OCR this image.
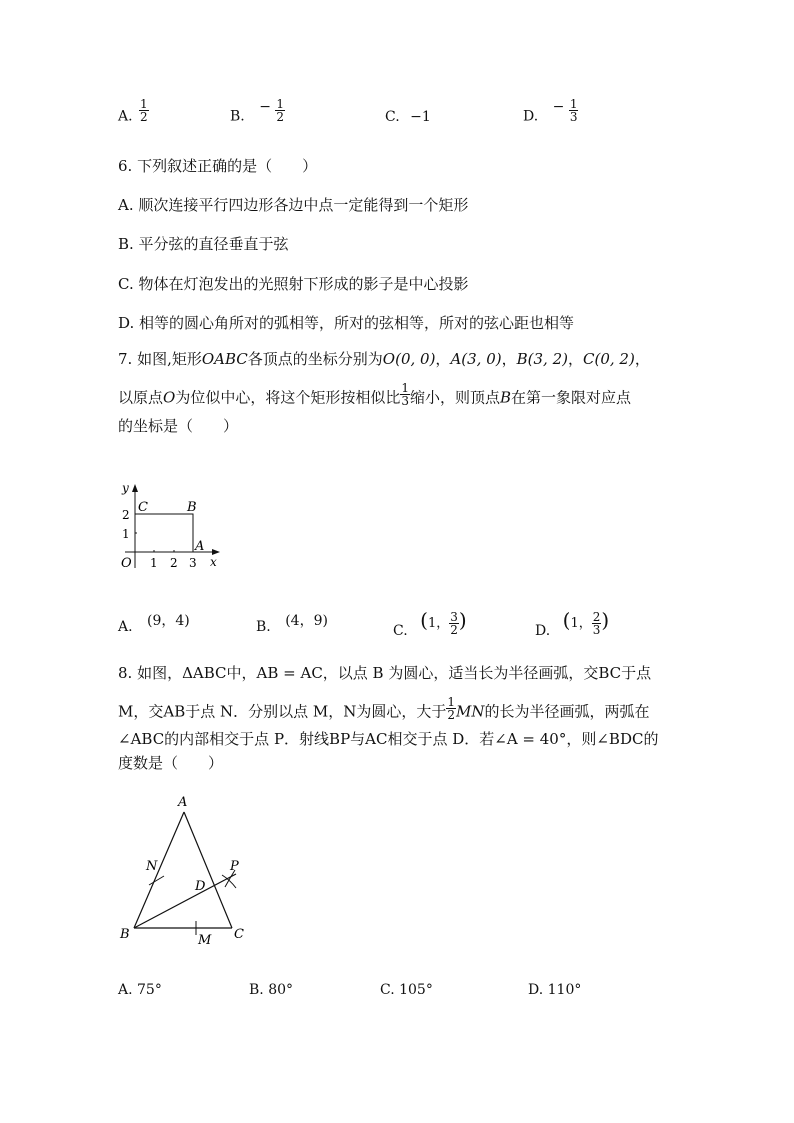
A. $\frac{1}{2}$	B. − $\frac{1}{2}$	C. −1	D. − $\frac{1}{3}$
6. 下列叙述正确的是（　　）
A. 顺次连接平行四边形各边中点一定能得到一个矩形
B. 平分弦的直径垂直于弦
C. 物体在灯泡发出的光照射下形成的影子是中心投影
D. 相等的圆心角所对的弧相等，所对的弦相等，所对的弦心距也相等
7. 如图,矩形OABC各顶点的坐标分别为O(0, 0)，A(3, 0)，B(3, 2)，C(0, 2)，
以原点O为位似中心，将这个矩形按相似比 $\frac{1}{3}$ 缩小，则顶点B在第一象限对应点
的坐标是（　　）
y
x
O
C	B
A
2
1
1 2 3
A. (9，4)	B. (4，9)
C. (1， $\frac{3}{2}$ )	D. (1， $\frac{2}{3}$ )
8. 如图，ΔABC中，AB = AC，以点 B 为圆心，适当长为半径画弧，交BC于点
M，交AB于点 N．分别以点 M，N为圆心，大于 $\frac{1}{2}$ MN的长为半径画弧，两弧在
∠ABC的内部相交于点 P．射线BP与AC相交于点 D．若∠A = 40°，则∠BDC的
度数是（　　）
A
B	C
N
M
P
D
A. 75°	B. 80°	C. 105°	D. 110°
